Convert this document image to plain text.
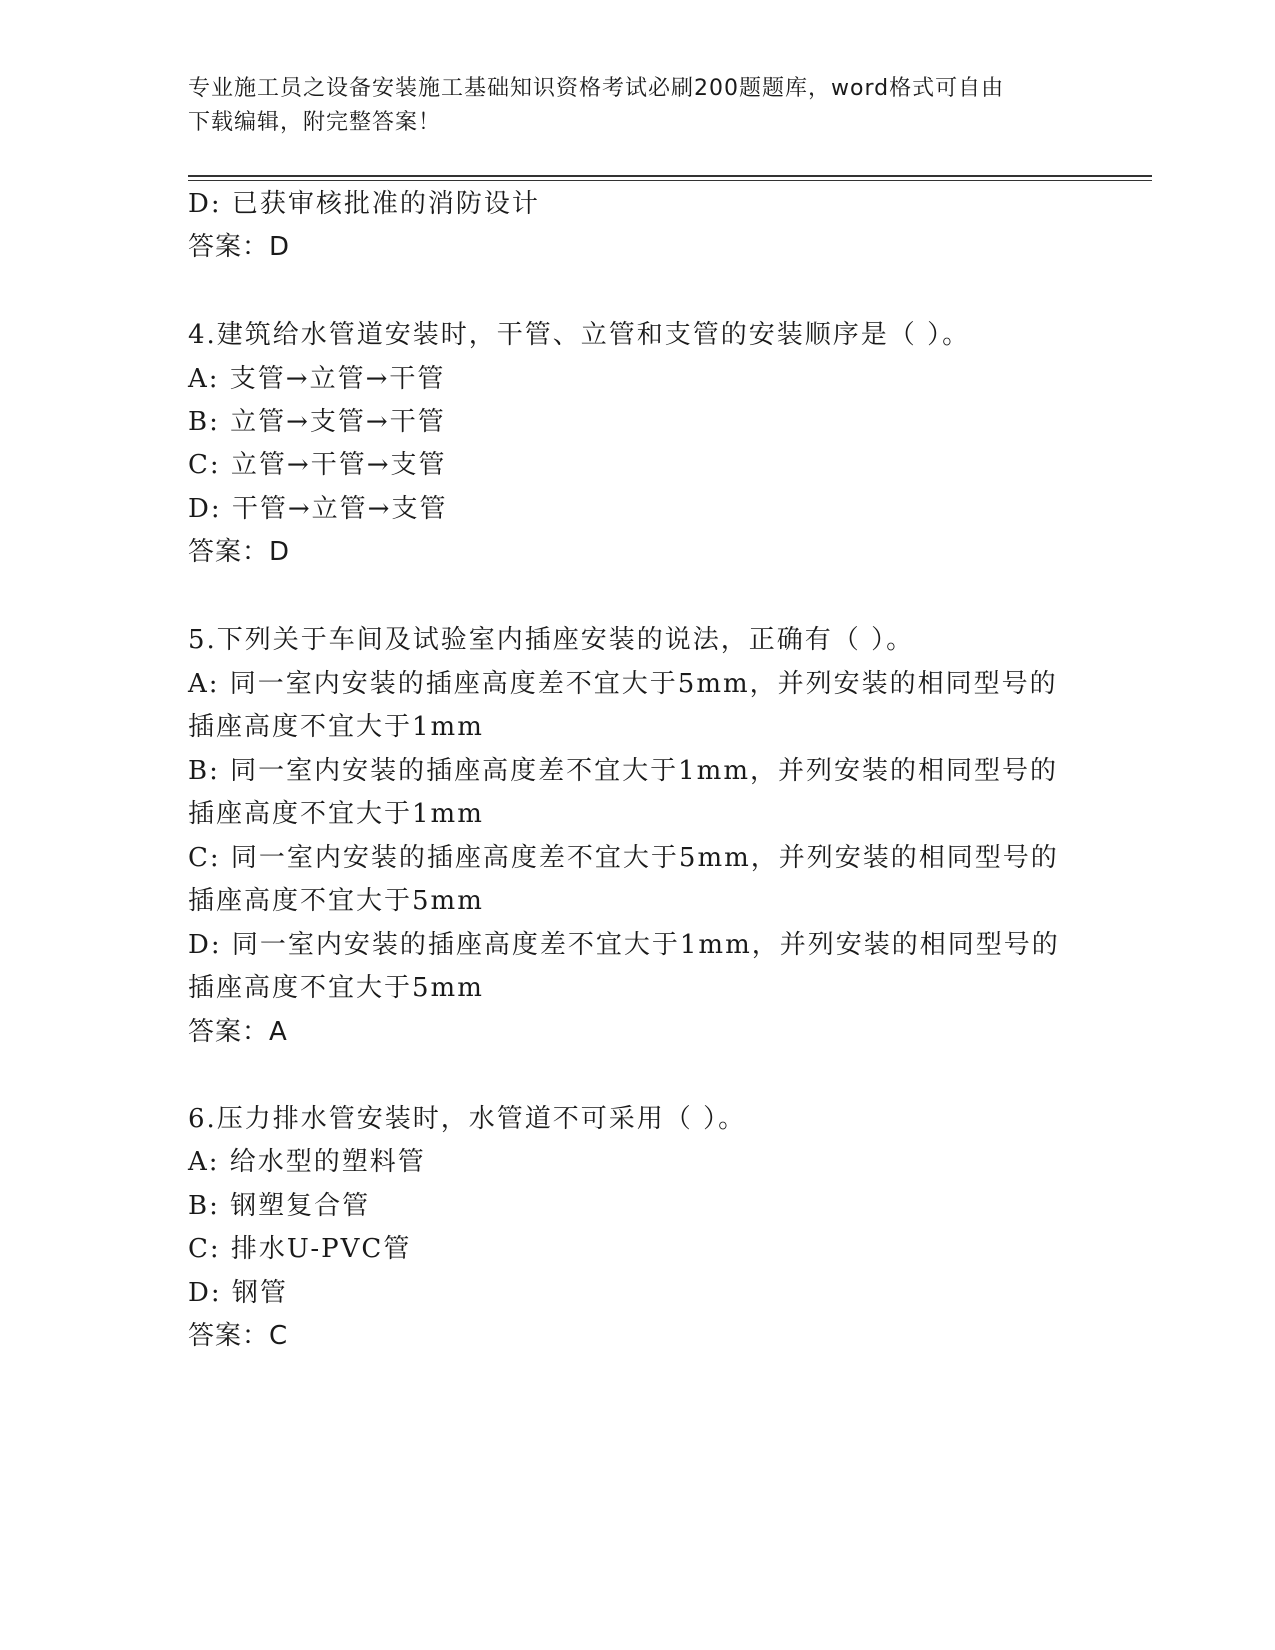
专业施工员之设备安装施工基础知识资格考试必刷200题题库，word格式可自由
下载编辑，附完整答案！
D: 已获审核批准的消防设计
答案：D
4.建筑给水管道安装时，干管、立管和支管的安装顺序是（ ）。
A: 支管→立管→干管
B: 立管→支管→干管
C: 立管→干管→支管
D: 干管→立管→支管
答案：D
5.下列关于车间及试验室内插座安装的说法，正确有（ ）。
A: 同一室内安装的插座高度差不宜大于5mm，并列安装的相同型号的
插座高度不宜大于1mm
B: 同一室内安装的插座高度差不宜大于1mm，并列安装的相同型号的
插座高度不宜大于1mm
C: 同一室内安装的插座高度差不宜大于5mm，并列安装的相同型号的
插座高度不宜大于5mm
D: 同一室内安装的插座高度差不宜大于1mm，并列安装的相同型号的
插座高度不宜大于5mm
答案：A
6.压力排水管安装时，水管道不可采用（ ）。
A: 给水型的塑料管
B: 钢塑复合管
C: 排水U-PVC管
D: 钢管
答案：C
